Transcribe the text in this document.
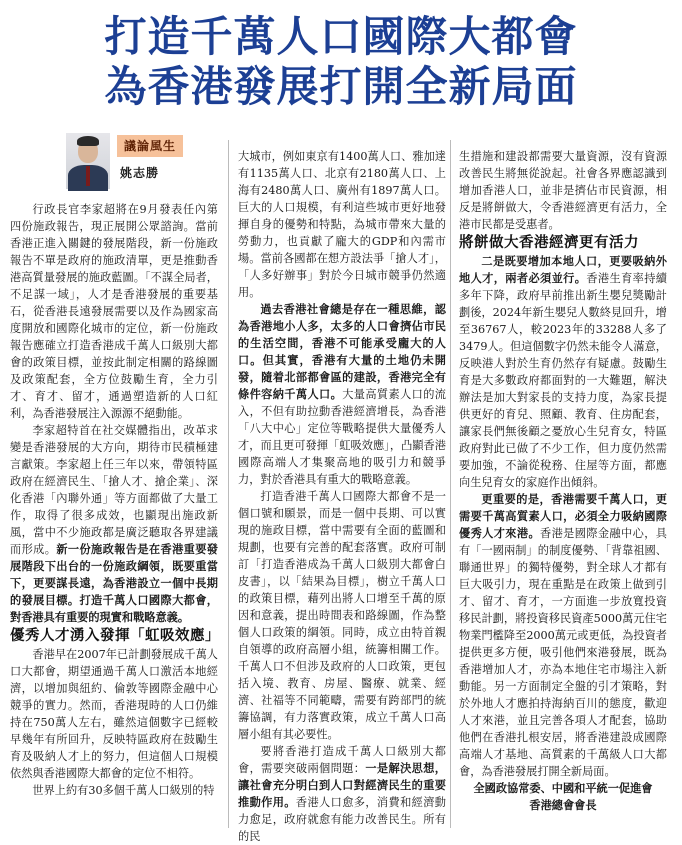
打造千萬人口國際大都會
為香港發展打開全新局面
議論風生
姚志勝

行政長官李家超將在9月發表任內第四份施政報告，現正展開公眾諮詢。當前香港正進入關鍵的發展階段，新一份施政報告不單是政府的施政清單，更是推動香港高質量發展的施政藍圖。「不謀全局者，不足謀一域」，人才是香港發展的重要基石，從香港長遠發展需要以及作為國家高度開放和國際化城市的定位，新一份施政報告應確立打造香港成千萬人口級別大都會的政策目標，並按此制定相關的路線圖及政策配套，全方位鼓勵生育，全力引才、育才、留才，通過塑造新的人口紅利，為香港發展注入源源不絕動能。

李家超特首在社交媒體指出，改革求變是香港發展的大方向，期待市民積極建言獻策。李家超上任三年以來，帶領特區政府在經濟民生、「搶人才、搶企業」、深化香港「內聯外通」等方面都做了大量工作，取得了很多成效，也顯現出施政新風，當中不少施政都是廣泛聽取各界建議而形成。新一份施政報告是在香港重要發展階段下出台的一份施政綱領，既要重當下，更要謀長遠，為香港設立一個中長期的發展目標。打造千萬人口國際大都會，對香港具有重要的現實和戰略意義。

優秀人才湧入發揮「虹吸效應」

香港早在2007年已計劃發展成千萬人口大都會，期望通過千萬人口激活本地經濟，以增加與紐約、倫敦等國際金融中心競爭的實力。然而，香港現時的人口仍維持在750萬人左右，雖然這個數字已經較早幾年有所回升，反映特區政府在鼓勵生育及吸納人才上的努力，但這個人口規模依然與香港國際大都會的定位不相符。

世界上約有30多個千萬人口級別的特

大城市，例如東京有1400萬人口、雅加達有1135萬人口、北京有2180萬人口、上海有2480萬人口、廣州有1897萬人口。巨大的人口規模，有利這些城市更好地發揮自身的優勢和特點，為城市帶來大量的勞動力，也貢獻了龐大的GDP和內需市場。當前各國都在想方設法爭「搶人才」，「人多好辦事」對於今日城市競爭仍然適用。

過去香港社會總是存在一種思維，認為香港地小人多，太多的人口會擠佔市民的生活空間，香港不可能承受龐大的人口。但其實，香港有大量的土地仍未開發，隨着北部都會區的建設，香港完全有條件容納千萬人口。大量高質素人口的流入，不但有助拉動香港經濟增長，為香港「八大中心」定位等戰略提供大量優秀人才，而且更可發揮「虹吸效應」，凸顯香港國際高端人才集聚高地的吸引力和競爭力，對於香港具有重大的戰略意義。

打造香港千萬人口國際大都會不是一個口號和願景，而是一個中長期、可以實現的施政目標，當中需要有全面的藍圖和規劃，也要有完善的配套落實。政府可制訂「打造香港成為千萬人口級別大都會白皮書」，以「結果為目標」，樹立千萬人口的政策目標，藉列出將人口增至千萬的原因和意義，提出時間表和路線圖，作為整個人口政策的綱領。同時，成立由特首親自領導的政府高層小組，統籌相關工作。千萬人口不但涉及政府的人口政策，更包括入境、教育、房屋、醫療、就業、經濟、社福等不同範疇，需要有跨部門的統籌協調，有力落實政策，成立千萬人口高層小組有其必要性。

要將香港打造成千萬人口級別大都會，需要突破兩個問題：一是解決思想，讓社會充分明白到人口對經濟民生的重要推動作用。香港人口愈多，消費和經濟動力愈足，政府就愈有能力改善民生。所有的民

生措施和建設都需要大量資源，沒有資源改善民生將無從說起。社會各界應認識到增加香港人口，並非是擠佔市民資源，相反是將餅做大，令香港經濟更有活力，全港市民都是受惠者。

將餅做大香港經濟更有活力

二是既要增加本地人口，更要吸納外地人才，兩者必須並行。香港生育率持續多年下降，政府早前推出新生嬰兒獎勵計劃後，2024年新生嬰兒人數終見回升，增至36767人，較2023年的33288人多了3479人。但這個數字仍然未能令人滿意，反映港人對於生育仍然存有疑慮。鼓勵生育是大多數政府都面對的一大難題，解決辦法是加大對家長的支持力度，為家長提供更好的育兒、照顧、教育、住房配套，讓家長們無後顧之憂放心生兒育女，特區政府對此已做了不少工作，但力度仍然需要加強，不論從稅務、住屋等方面，都應向生兒育女的家庭作出傾斜。

更重要的是，香港需要千萬人口，更需要千萬高質素人口，必須全力吸納國際優秀人才來港。香港是國際金融中心，具有「一國兩制」的制度優勢、「背靠祖國、聯通世界」的獨特優勢，對全球人才都有巨大吸引力，現在重點是在政策上做到引才、留才、育才，一方面進一步放寬投資移民計劃，將投資移民資產5000萬元住宅物業門檻降至2000萬元或更低，為投資者提供更多方便，吸引他們來港發展，既為香港增加人才，亦為本地住宅市場注入新動能。另一方面制定全盤的引才策略，對於外地人才應拍持海納百川的態度，歡迎人才來港，並且完善各項人才配套，協助他們在香港扎根安居，將香港建設成國際高端人才基地、高質素的千萬級人口大都會，為香港發展打開全新局面。

全國政協常委、中國和平統一促進會
香港總會會長
